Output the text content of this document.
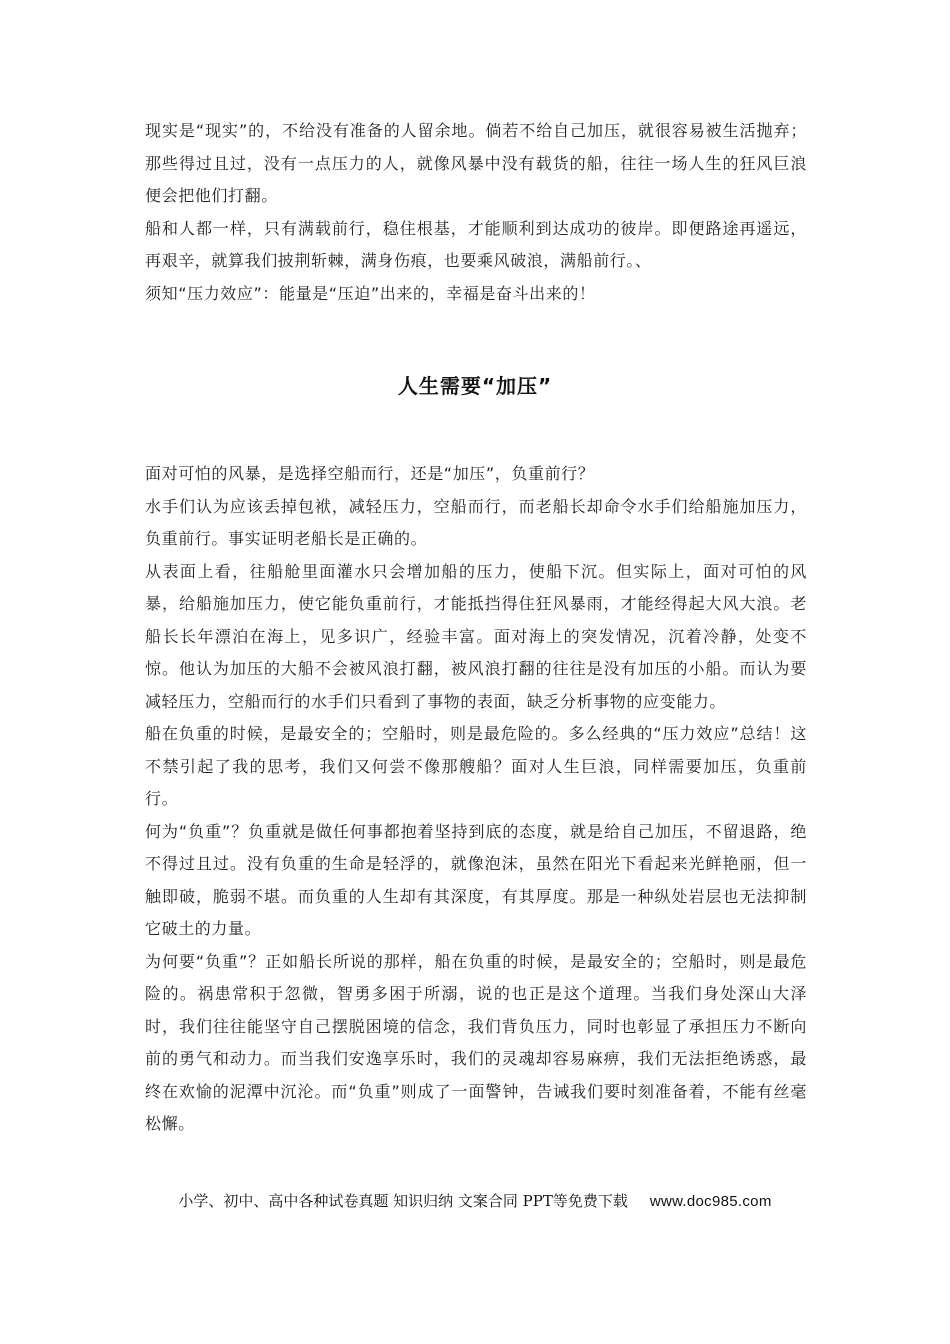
现实是“现实”的，不给没有准备的人留余地。倘若不给自己加压，就很容易被生活抛弃；那些得过且过，没有一点压力的人，就像风暴中没有载货的船，往往一场人生的狂风巨浪便会把他们打翻。

船和人都一样，只有满载前行，稳住根基，才能顺利到达成功的彼岸。即便路途再遥远，再艰辛，就算我们披荆斩棘，满身伤痕，也要乘风破浪，满船前行。、

须知“压力效应”：能量是“压迫”出来的，幸福是奋斗出来的！

人生需要“加压”

面对可怕的风暴，是选择空船而行，还是“加压”，负重前行？

水手们认为应该丢掉包袱，减轻压力，空船而行，而老船长却命令水手们给船施加压力，负重前行。事实证明老船长是正确的。

从表面上看，往船舱里面灌水只会增加船的压力，使船下沉。但实际上，面对可怕的风暴，给船施加压力，使它能负重前行，才能抵挡得住狂风暴雨，才能经得起大风大浪。老船长长年漂泊在海上，见多识广，经验丰富。面对海上的突发情况，沉着冷静，处变不惊。他认为加压的大船不会被风浪打翻，被风浪打翻的往往是没有加压的小船。而认为要减轻压力，空船而行的水手们只看到了事物的表面，缺乏分析事物的应变能力。

船在负重的时候，是最安全的；空船时，则是最危险的。多么经典的“压力效应”总结！这不禁引起了我的思考，我们又何尝不像那艘船？面对人生巨浪，同样需要加压，负重前行。

何为“负重”？负重就是做任何事都抱着坚持到底的态度，就是给自己加压，不留退路，绝不得过且过。没有负重的生命是轻浮的，就像泡沫，虽然在阳光下看起来光鲜艳丽，但一触即破，脆弱不堪。而负重的人生却有其深度，有其厚度。那是一种纵处岩层也无法抑制它破土的力量。

为何要“负重”？正如船长所说的那样，船在负重的时候，是最安全的；空船时，则是最危险的。祸患常积于忽微，智勇多困于所溺，说的也正是这个道理。当我们身处深山大泽时，我们往往能坚守自己摆脱困境的信念，我们背负压力，同时也彰显了承担压力不断向前的勇气和动力。而当我们安逸享乐时，我们的灵魂却容易麻痹，我们无法拒绝诱惑，最终在欢愉的泥潭中沉沦。而“负重”则成了一面警钟，告诫我们要时刻准备着，不能有丝毫松懈。

小学、初中、高中各种试卷真题 知识归纳 文案合同 PPT等免费下载 www.doc985.com
